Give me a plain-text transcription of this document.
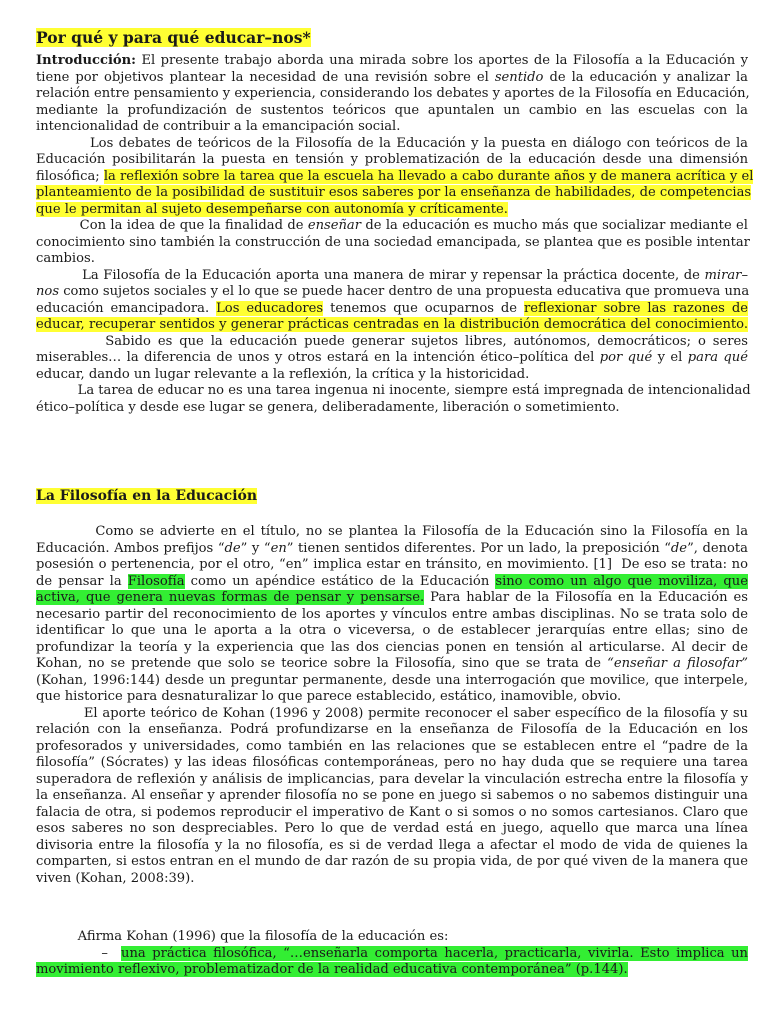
Por qué y para qué educar–nos*
Introducción: El presente trabajo aborda una mirada sobre los aportes de la Filosofía a la Educación y
tiene por objetivos plantear la necesidad de una revisión sobre el sentido de la educación y analizar la
relación entre pensamiento y experiencia, considerando los debates y aportes de la Filosofía en Educación,
mediante la profundización de sustentos teóricos que apuntalen un cambio en las escuelas con la
intencionalidad de contribuir a la emancipación social.
Los debates de teóricos de la Filosofía de la Educación y la puesta en diálogo con teóricos de la
Educación posibilitarán la puesta en tensión y problematización de la educación desde una dimensión
filosófica; la reflexión sobre la tarea que la escuela ha llevado a cabo durante años y de manera acrítica y el
planteamiento de la posibilidad de sustituir esos saberes por la enseñanza de habilidades, de competencias
que le permitan al sujeto desempeñarse con autonomía y críticamente.
Con la idea de que la finalidad de enseñar de la educación es mucho más que socializar mediante el
conocimiento sino también la construcción de una sociedad emancipada, se plantea que es posible intentar
cambios.
La Filosofía de la Educación aporta una manera de mirar y repensar la práctica docente, de mirar–
nos como sujetos sociales y el lo que se puede hacer dentro de una propuesta educativa que promueva una
educación emancipadora. Los educadores tenemos que ocuparnos de reflexionar sobre las razones de
educar, recuperar sentidos y generar prácticas centradas en la distribución democrática del conocimiento.
Sabido es que la educación puede generar sujetos libres, autónomos, democráticos; o seres
miserables… la diferencia de unos y otros estará en la intención ético–política del por qué y el para qué
educar, dando un lugar relevante a la reflexión, la crítica y la historicidad.
La tarea de educar no es una tarea ingenua ni inocente, siempre está impregnada de intencionalidad
ético–política y desde ese lugar se genera, deliberadamente, liberación o sometimiento.
La Filosofía en la Educación
Como se advierte en el título, no se plantea la Filosofía de la Educación sino la Filosofía en la
Educación. Ambos prefijos “de” y “en” tienen sentidos diferentes. Por un lado, la preposición “de”, denota
posesión o pertenencia, por el otro, “en” implica estar en tránsito, en movimiento. [1]  De eso se trata: no
de pensar la Filosofía como un apéndice estático de la Educación sino como un algo que moviliza, que
activa, que genera nuevas formas de pensar y pensarse. Para hablar de la Filosofía en la Educación es
necesario partir del reconocimiento de los aportes y vínculos entre ambas disciplinas. No se trata solo de
identificar lo que una le aporta a la otra o viceversa, o de establecer jerarquías entre ellas; sino de
profundizar la teoría y la experiencia que las dos ciencias ponen en tensión al articularse. Al decir de
Kohan, no se pretende que solo se teorice sobre la Filosofía, sino que se trata de “enseñar a filosofar”
(Kohan, 1996:144) desde un preguntar permanente, desde una interrogación que movilice, que interpele,
que historice para desnaturalizar lo que parece establecido, estático, inamovible, obvio.
El aporte teórico de Kohan (1996 y 2008) permite reconocer el saber específico de la filosofía y su
relación con la enseñanza. Podrá profundizarse en la enseñanza de Filosofía de la Educación en los
profesorados y universidades, como también en las relaciones que se establecen entre el “padre de la
filosofía” (Sócrates) y las ideas filosóficas contemporáneas, pero no hay duda que se requiere una tarea
superadora de reflexión y análisis de implicancias, para develar la vinculación estrecha entre la filosofía y
la enseñanza. Al enseñar y aprender filosofía no se pone en juego si sabemos o no sabemos distinguir una
falacia de otra, si podemos reproducir el imperativo de Kant o si somos o no somos cartesianos. Claro que
esos saberes no son despreciables. Pero lo que de verdad está en juego, aquello que marca una línea
divisoria entre la filosofía y la no filosofía, es si de verdad llega a afectar el modo de vida de quienes la
comparten, si estos entran en el mundo de dar razón de su propia vida, de por qué viven de la manera que
viven (Kohan, 2008:39).
Afirma Kohan (1996) que la filosofía de la educación es:
–  una práctica filosófica, “…enseñarla comporta hacerla, practicarla, vivirla. Esto implica un
movimiento reflexivo, problematizador de la realidad educativa contemporánea” (p.144).
